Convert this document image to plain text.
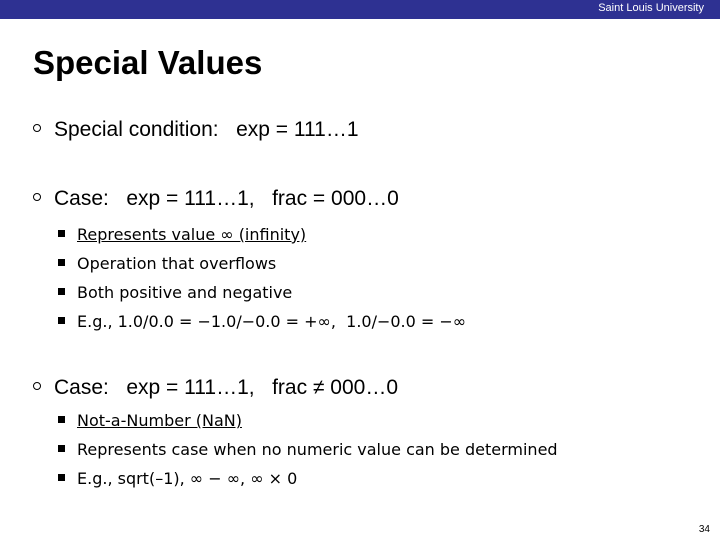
Saint Louis University
Special Values
Special condition:   exp = 111…1
Case:   exp = 111…1,   frac = 000…0
Represents value ∞ (infinity)
Operation that overflows
Both positive and negative
E.g., 1.0/0.0 = −1.0/−0.0 = +∞,  1.0/−0.0 = −∞
Case:   exp = 111…1,   frac ≠ 000…0
Not-a-Number (NaN)
Represents case when no numeric value can be determined
E.g., sqrt(–1), ∞ − ∞, ∞ × 0
34
